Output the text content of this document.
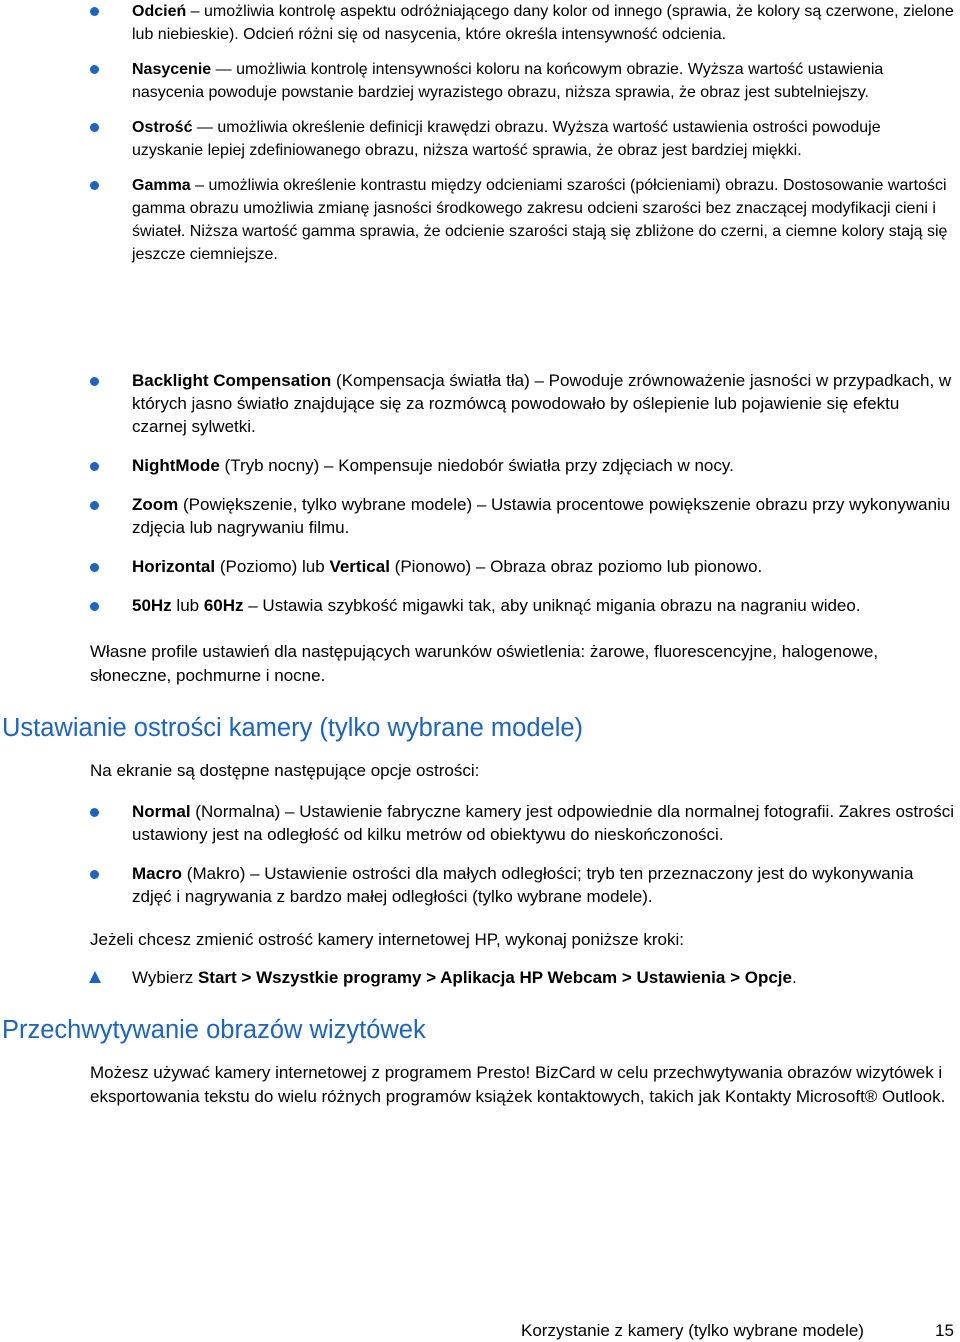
Odcień – umożliwia kontrolę aspektu odróżniającego dany kolor od innego (sprawia, że kolory są czerwone, zielone lub niebieskie). Odcień różni się od nasycenia, które określa intensywność odcienia.
Nasycenie — umożliwia kontrolę intensywności koloru na końcowym obrazie. Wyższa wartość ustawienia nasycenia powoduje powstanie bardziej wyrazistego obrazu, niższa sprawia, że obraz jest subtelniejszy.
Ostrość — umożliwia określenie definicji krawędzi obrazu. Wyższa wartość ustawienia ostrości powoduje uzyskanie lepiej zdefiniowanego obrazu, niższa wartość sprawia, że obraz jest bardziej miękki.
Gamma – umożliwia określenie kontrastu między odcieniami szarości (półcieniami) obrazu. Dostosowanie wartości gamma obrazu umożliwia zmianę jasności środkowego zakresu odcieni szarości bez znaczącej modyfikacji cieni i świateł. Niższa wartość gamma sprawia, że odcienie szarości stają się zbliżone do czerni, a ciemne kolory stają się jeszcze ciemniejsze.
Backlight Compensation (Kompensacja światła tła) – Powoduje zrównoważenie jasności w przypadkach, w których jasno światło znajdujące się za rozmówcą powodowało by oślepienie lub pojawienie się efektu czarnej sylwetki.
NightMode (Tryb nocny) – Kompensuje niedobór światła przy zdjęciach w nocy.
Zoom (Powiększenie, tylko wybrane modele) – Ustawia procentowe powiększenie obrazu przy wykonywaniu zdjęcia lub nagrywaniu filmu.
Horizontal (Poziomo) lub Vertical (Pionowo) – Obraza obraz poziomo lub pionowo.
50Hz lub 60Hz – Ustawia szybkość migawki tak, aby uniknąć migania obrazu na nagraniu wideo.

Własne profile ustawień dla następujących warunków oświetlenia: żarowe, fluorescencyjne, halogenowe, słoneczne, pochmurne i nocne.

Ustawianie ostrości kamery (tylko wybrane modele)

Na ekranie są dostępne następujące opcje ostrości:

Normal (Normalna) – Ustawienie fabryczne kamery jest odpowiednie dla normalnej fotografii. Zakres ostrości ustawiony jest na odległość od kilku metrów od obiektywu do nieskończoności.
Macro (Makro) – Ustawienie ostrości dla małych odległości; tryb ten przeznaczony jest do wykonywania zdjęć i nagrywania z bardzo małej odległości (tylko wybrane modele).

Jeżeli chcesz zmienić ostrość kamery internetowej HP, wykonaj poniższe kroki:

Wybierz Start > Wszystkie programy > Aplikacja HP Webcam > Ustawienia > Opcje.
Przechwytywanie obrazów wizytówek

Możesz używać kamery internetowej z programem Presto! BizCard w celu przechwytywania obrazów wizytówek i eksportowania tekstu do wielu różnych programów książek kontaktowych, takich jak Kontakty Microsoft® Outlook.

Korzystanie z kamery (tylko wybrane modele)	15
